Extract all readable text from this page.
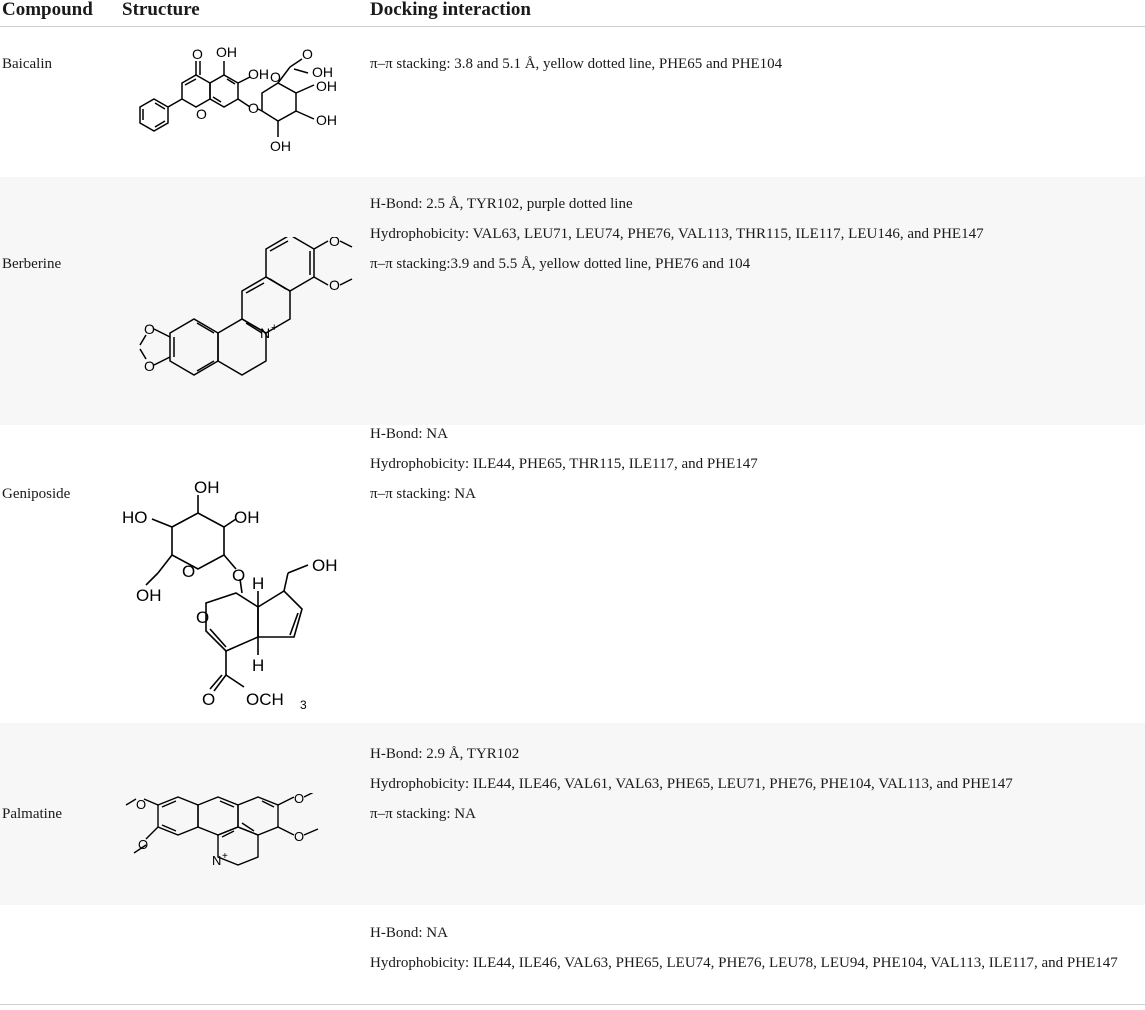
Compound Structure	Docking interaction
Baicalin	π–π stacking: 3.8 and 5.1 Å, yellow dotted line, PHE65 and PHE104
O OH
OH
O	O
O
O
OH
OH
OH
OH
Berberine
H-Bond: 2.5 Å, TYR102, purple dotted line
Hydrophobicity: VAL63, LEU71, LEU74, PHE76, VAL113, THR115, ILE117, LEU146, and PHE147
π–π stacking:3.9 and 5.5 Å, yellow dotted line, PHE76 and 104
O
O
O
O
N +
Geniposide
H-Bond: NA
Hydrophobicity: ILE44, PHE65, THR115, ILE117, and PHE147
π–π stacking: NA
OH
HO	OH
O O
OH
O
H
H
OH
O OCH 3
Palmatine
H-Bond: 2.9 Å, TYR102
Hydrophobicity: ILE44, ILE46, VAL61, VAL63, PHE65, LEU71, PHE76, PHE104, VAL113, and PHE147
π–π stacking: NA
O
O
O
O
N +
H-Bond: NA
Hydrophobicity: ILE44, ILE46, VAL63, PHE65, LEU74, PHE76, LEU78, LEU94, PHE104, VAL113, ILE117, and PHE147
